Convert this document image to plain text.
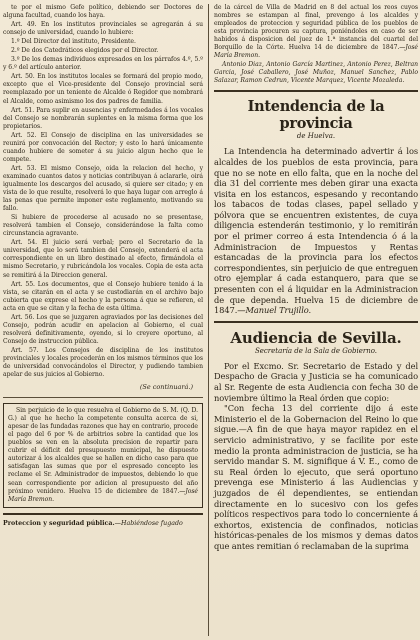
te por el mismo Gefe político, debiendo ser Doctores de alguna facultad, cuando los haya.

Art. 49. En los institutos provinciales se agregarán á su consejo de universidad, cuando lo hubiere:

1.º Del Director del instituto, Presidente.

2.º De dos Catedráticos elegidos por el Director.

3.º De los demas individuos expresados en los párrafos 4.º, 5.º y 6.º del artículo anterior.

Art. 50. En los institutos locales se formará del propio modo, excepto que el Vice-presidente del Consejo provincial será reemplazado por un teniente de Alcalde ó Regidor que nombrará el Alcalde, como asimismo los dos padres de familia.

Art. 51. Para suplir en ausencias y enfermedades á los vocales del Consejo se nombrarán suplentes en la misma forma que los propietarios.

Art. 52. El Consejo de disciplina en las universidades se reunirá por convocación del Rector; y esto lo hará únicamente cuando hubiere de someter á su juicio algun hecho que le compete.

Art. 53. El mismo Consejo, oida la relacion del hecho, y examinado cuantos datos y noticias contribuyan á aclararle, oirá igualmente los descargos del acusado, si quiere ser citado; y en vista de lo que resulte, resolverá lo que haya lugar con arreglo á las penas que permite imponer este reglamento, motivando su fallo.

Si hubiere de procederse al acusado no se presentase, resolverá tambien el Consejo, considerándose la falta como circunstancia agravante.

Art. 54. El juicio será verbal; pero el Secretario de la universidad, que lo será tambien del Consejo, extenderá el acta correspondiente en un libro destinado al efecto, firmándola el mismo Secretario, y rubricándola los vocales. Copia de esta acta se remitirá á la Direccion general.

Art. 55. Los documentos, que el Consejo hubiere tenido á la vista, se citarán en el acta y se custodiarán en el archivo bajo cubierta que exprese el hecho y la persona á que se refieren, el acta en que se citan y la fecha de esta última.

Art. 56. Los que se juzgaren agraviados por las decisiones del Consejo, podrán acudir en apelacion al Gobierno, el cual resolverá definitivamente, oyendo, si lo creyere oportuno, al Consejo de instruccion pública.

Art. 57. Los Consejos de disciplina de los institutos provinciales y locales procederán en los mismos términos que los de universidad convocándolos el Director, y pudiendo tambien apelar de sus juicios al Gobierno.

(Se continuará.)

Sin perjuicio de lo que resuelva el Gobierno de S. M. (Q. D. G.) al que he hecho la competente consulta acerca de si, apesar de las fundadas razones que hay en contrario, procede el pago del 6 por % de arbitrios sobre la cantidad que los pueblos se ven en la absoluta precision de repartir para cubrir el déficit del presupuesto municipal, he dispuesto autorizar á los alcaldes que se hallen en dicho caso para que satisfagan las sumas que por el espresado concepto les reclame el Sr. Administrador de impuestos, debiendo lo que sean correspondiente por adicion al presupuesto del año próximo venidero. Huelva 15 de diciembre de 1847.—José María Bremon.

Proteccion y seguridad pública.—Habiéndose fugado

de la cárcel de Villa de Madrid en 8 del actual los reos cuyos nombres se estampan al final, prevengo á los alcaldes y empleados de proteccion y seguridad pública de los pueblos de esta provincia procuren su captura, poniéndoles en caso de ser habidos á disposicion del juez de 1.ª instancia del cuartel del Borquillo de la Córte. Huelva 14 de diciembre de 1847.—José María Bremon.

Antonio Diaz, Antonio García Martinez, Antonio Perez, Beltran Garcia, José Caballero, José Muñoz, Manuel Sanchez, Pablo Salazar, Ramon Cedrun, Vicente Marquez, Vicente Mozaleda.

Intendencia de la provincia
de Huelva.

La Intendencia ha determinado advertir á los alcaldes de los pueblos de esta provincia, para que no se note en ello falta, que en la noche del dia 31 del corriente mes deben girar una exacta visita en los estancos, espesando y recontando los tabacos de todas clases, papel sellado y pólvora que se encuentren existentes, de cuya diligencia estenderán testimonio, y lo remitirán por el primer correo á esta Intendencia ó á la Administracion de Impuestos y Rentas estancadas de la provincia para los efectos correspondientes, sin perjuicio de que entreguen otro ejemplar á cada estanquero, para que se presenten con el á liquidar en la Administracion de que dependa. Huelva 15 de diciembre de 1847.—Manuel Trujillo.

Audiencia de Sevilla.
Secretaría de la Sala de Gobierno.

Por el Excmo. Sr. Secretario de Estado y del Despacho de Gracia y Justicia se ha comunicado al Sr. Regente de esta Audiencia con fecha 30 de noviembre último la Real órden que copio:

"Con fecha 13 del corriente dijo á este Ministerio el de la Gobernacion del Reino lo que sigue.—A fin de que haya mayor rapidez en el servicio administrativo, y se facilite por este medio la pronta administracion de justicia, se ha servido mandar S. M. signifique á V. E., como de su Real órden lo ejecuto, que será oportuno prevenga ese Ministerio á las Audiencias y juzgados de él dependientes, se entiendan directamente en lo sucesivo con los gefes políticos respectivos para todo lo concerniente á exhortos, existencia de confinados, noticias históricas-penales de los mismos y demas datos que antes remitian ó reclamaban de la suprima
